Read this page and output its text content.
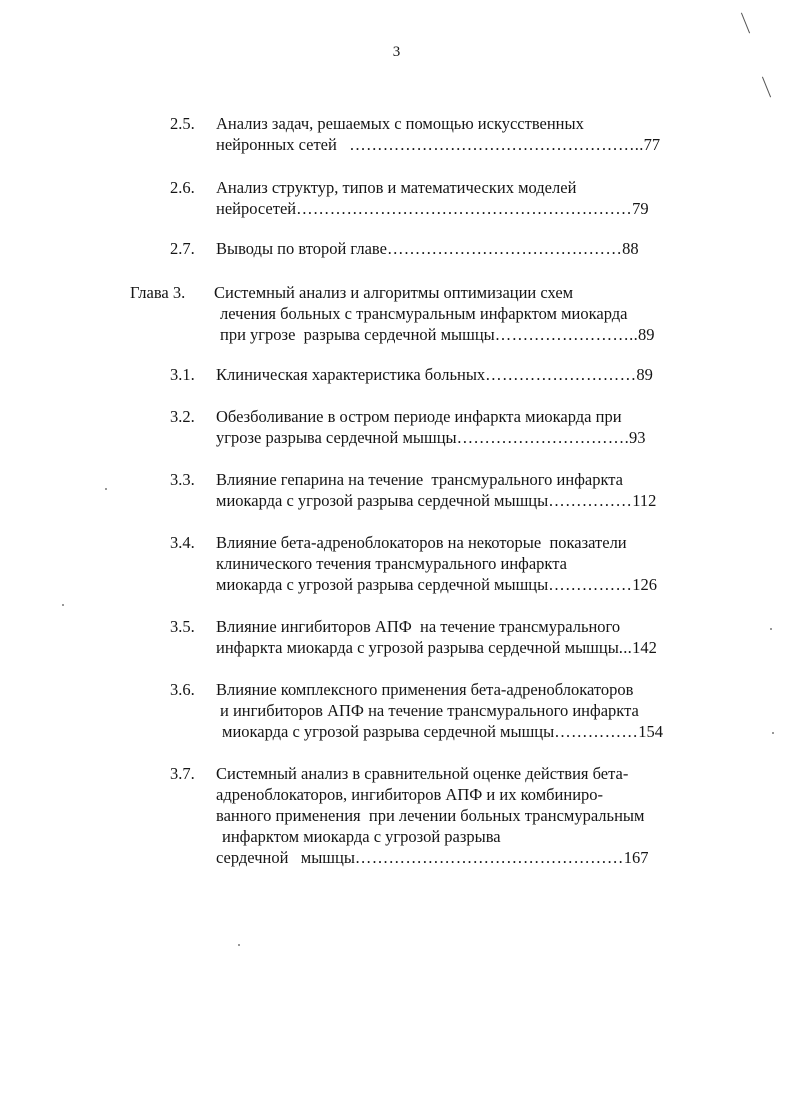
3
2.5. Анализ задач, решаемых с помощью искусственных
нейронных сетей   ……………………………………………..77
2.6. Анализ структур, типов и математических моделей
нейросетей……………………………………………………79
2.7. Выводы по второй главе……………………………………88
Глава 3. Системный анализ и алгоритмы оптимизации схем
лечения больных с трансмуральным инфарктом миокарда
при угрозе  разрыва сердечной мышцы……………………..89
3.1. Клиническая характеристика больных………………………89
3.2. Обезболивание в остром периоде инфаркта миокарда при
угрозе разрыва сердечной мышцы………………………….93
3.3. Влияние гепарина на течение  трансмурального инфаркта
миокарда с угрозой разрыва сердечной мышцы……………112
3.4. Влияние бета-адреноблокаторов на некоторые  показатели
клинического течения трансмурального инфаркта
миокарда с угрозой разрыва сердечной мышцы……………126
3.5. Влияние ингибиторов АПФ  на течение трансмурального
инфаркта миокарда с угрозой разрыва сердечной мышцы...142
3.6. Влияние комплексного применения бета-адреноблокаторов
и ингибиторов АПФ на течение трансмурального инфаркта
миокарда с угрозой разрыва сердечной мышцы……………154
3.7. Системный анализ в сравнительной оценке действия бета-
адреноблокаторов, ингибиторов АПФ и их комбиниро-
ванного применения  при лечении больных трансмуральным
инфарктом миокарда с угрозой разрыва
сердечной   мышцы…………………………………………167
